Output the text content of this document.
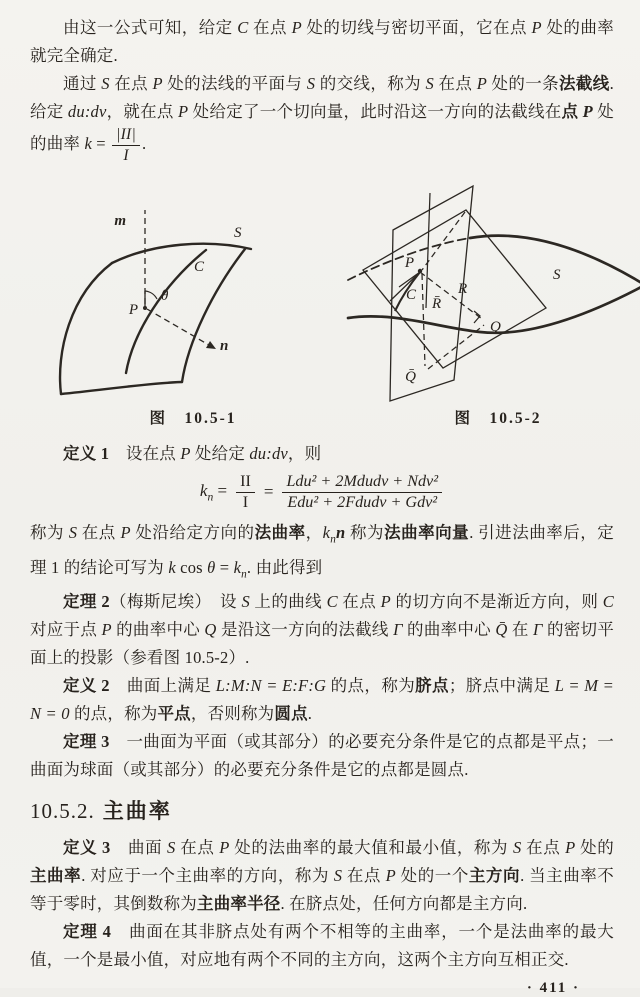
由这一公式可知，给定 C 在点 P 处的切线与密切平面，它在点 P 处的曲率就完全确定.

通过 S 在点 P 处的法线的平面与 S 的交线，称为 S 在点 P 处的一条法截线. 给定 du:dv，就在点 P 处给定了一个切向量，此时沿这一方向的法截线在点 P 处的曲率 $k = \frac{|II|}{I}$ .

m
S
C
P
θ
n
P
R
R̄
C
Q
Q̄
S
图　10.5-1	图　10.5-2

定义 1　设在点 P 处给定 du:dv，则

$k_n = \frac{II}{I} = \frac{\text{Ldu² + 2Mdudv + Ndv²}}{\text{Edu² + 2Fdudv + Gdv²}}$

称为 S 在点 P 处沿给定方向的法曲率，$k_nn$ 称为法曲率向量. 引进法曲率后，定理 1 的结论可写为 k $\cos \theta = k_n$. 由此得到

定理 2（梅斯尼埃）　设 S 上的曲线 C 在点 P 的切方向不是渐近方向，则 C 对应于点 P 的曲率中心 Q 是沿这一方向的法截线 Γ 的曲率中心 Q̄ 在 Γ 的密切平面上的投影（参看图 10.5-2）.

定义 2　曲面上满足 L:M:N = E:F:G 的点，称为脐点；脐点中满足 L = M = N = 0 的点，称为平点，否则称为圆点.

定理 3　一曲面为平面（或其部分）的必要充分条件是它的点都是平点；一曲面为球面（或其部分）的必要充分条件是它的点都是圆点.

10.5.2. 主曲率

定义 3　曲面 S 在点 P 处的法曲率的最大值和最小值，称为 S 在点 P 处的主曲率. 对应于一个主曲率的方向，称为 S 在点 P 处的一个主方向. 当主曲率不等于零时，其倒数称为主曲率半径. 在脐点处，任何方向都是主方向.

定理 4　曲面在其非脐点处有两个不相等的主曲率，一个是法曲率的最大值，一个是最小值，对应地有两个不同的主方向，这两个主方向互相正交.

· 411 ·
